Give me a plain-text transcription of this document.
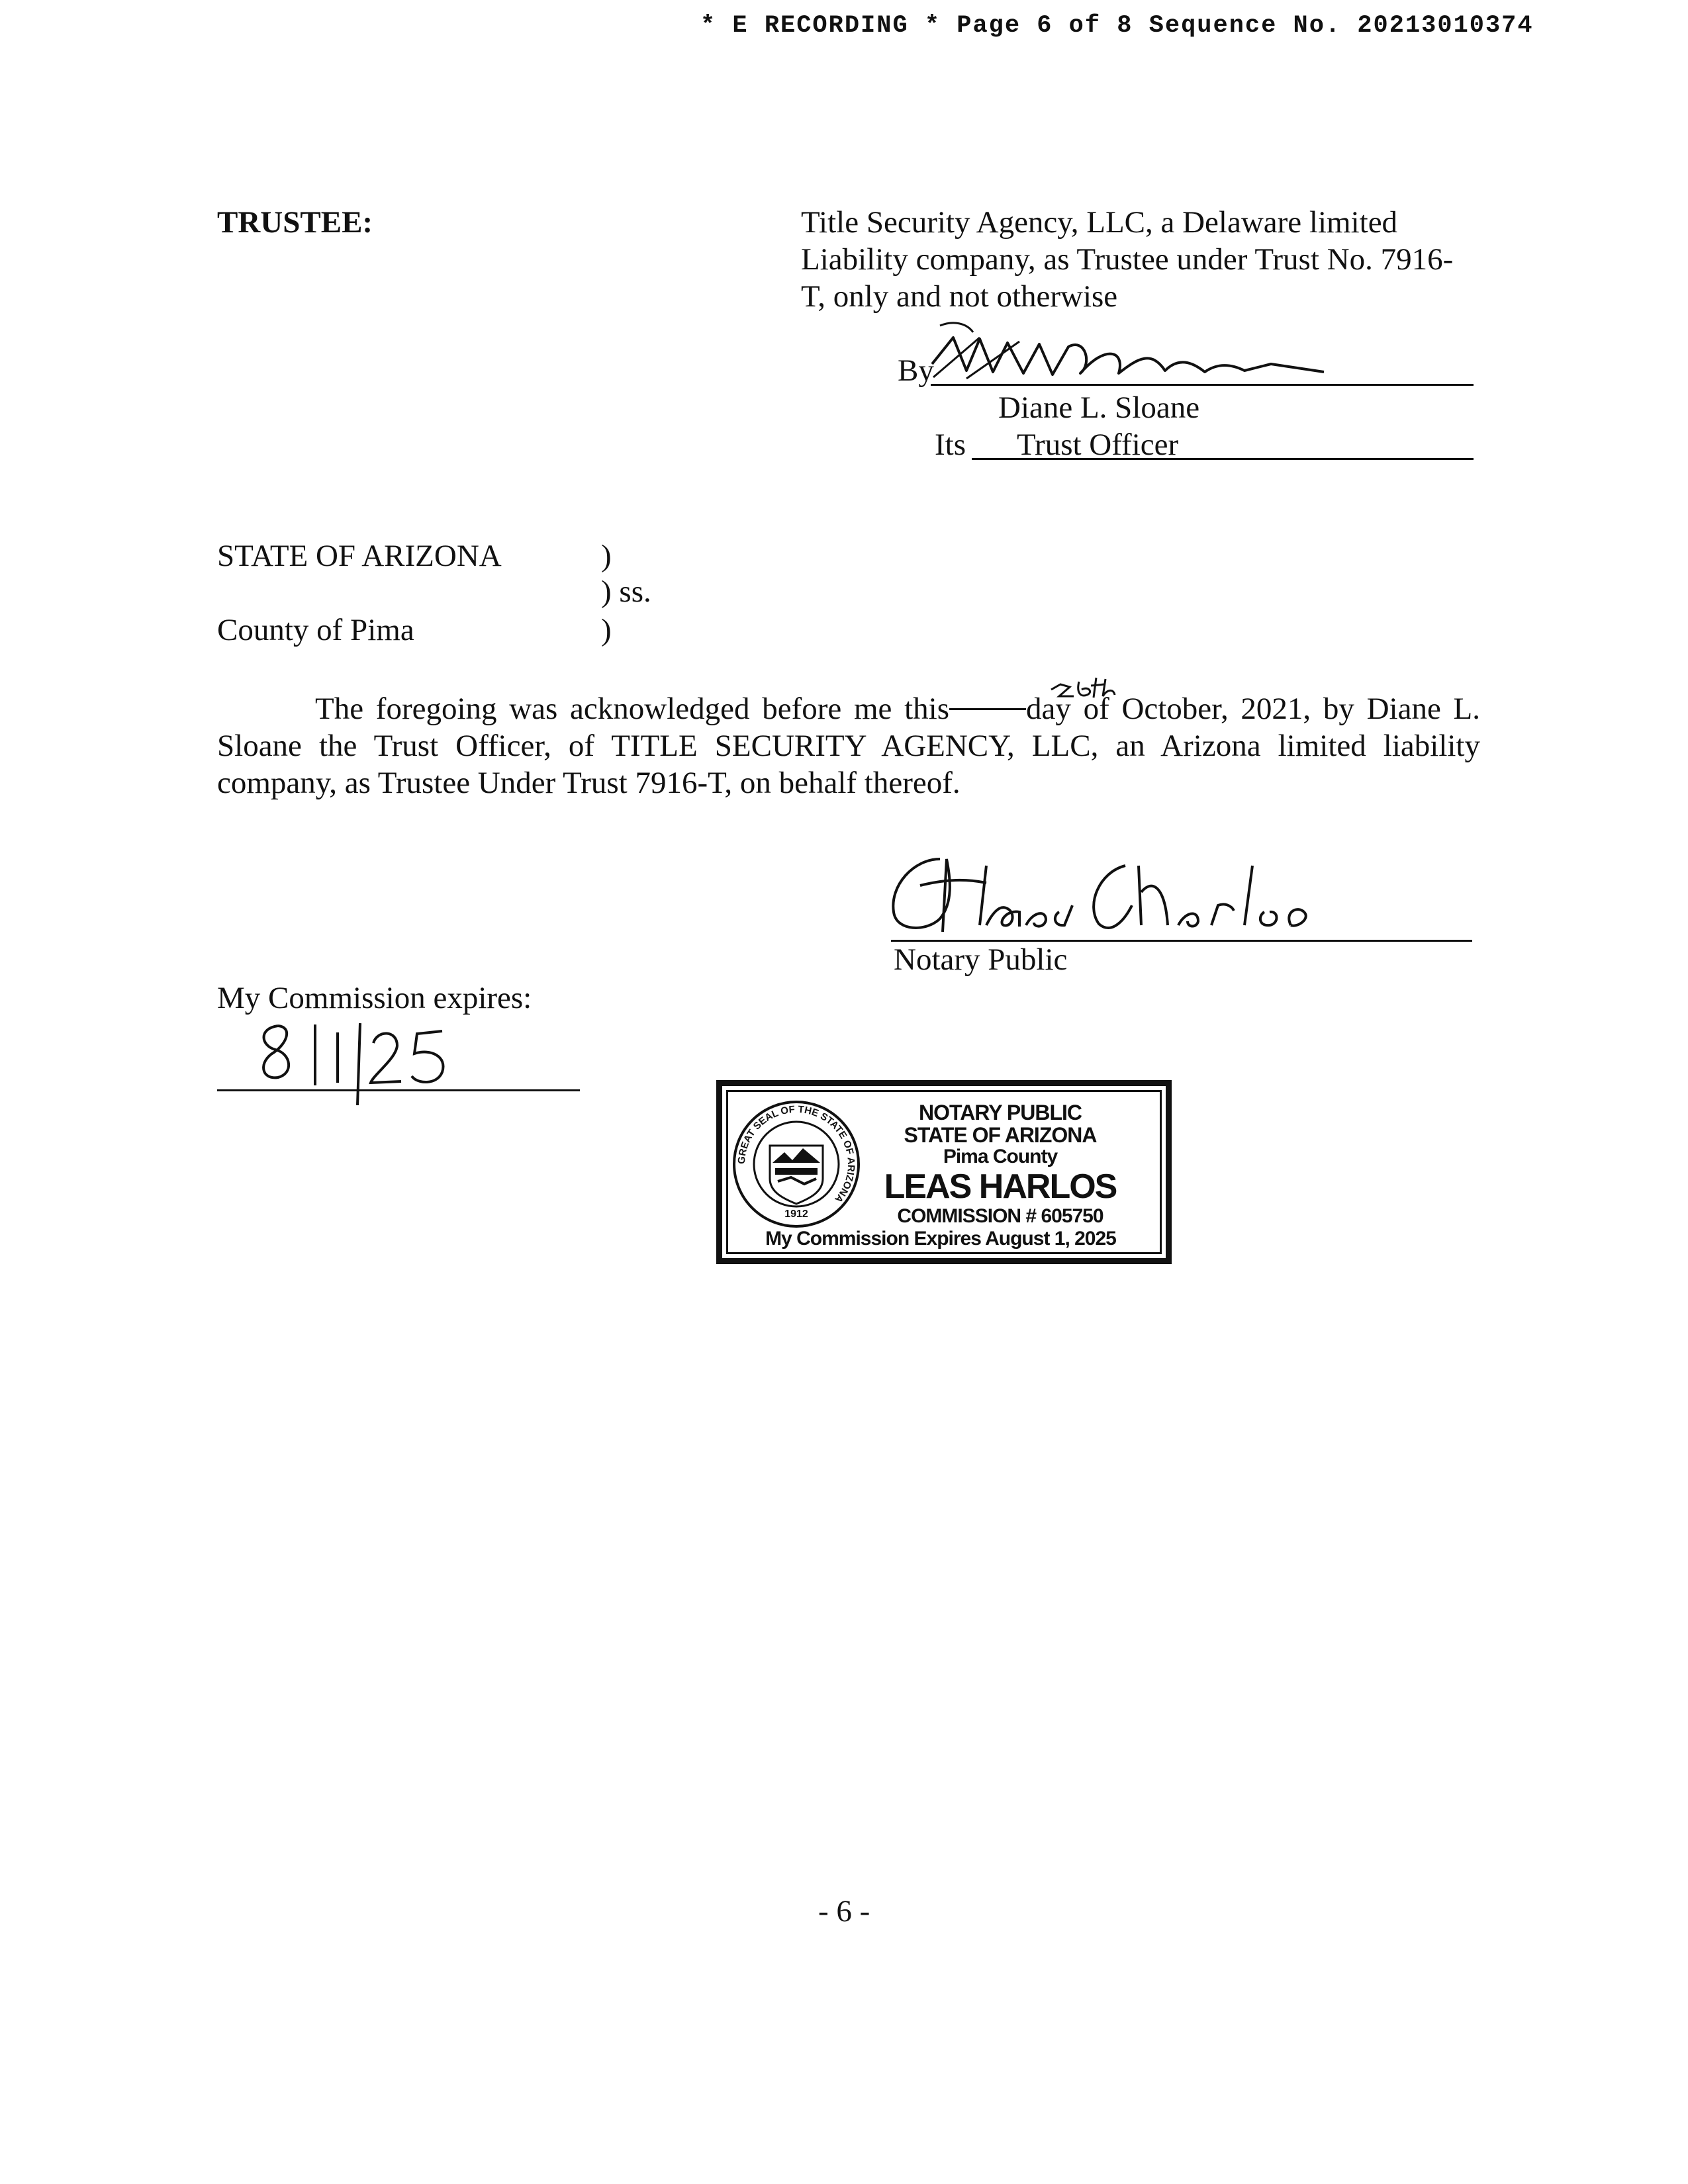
* E RECORDING * Page 6 of 8 Sequence No. 20213010374
TRUSTEE:	Title Security Agency, LLC, a Delaware limited
Liability company, as Trustee under Trust No. 7916-
T, only and not otherwise
By
Diane L. Sloane
Its Trust Officer
STATE OF ARIZONA	)
) ss.
)
County of Pima
The foregoing was acknowledged before me this day of October, 2021, by Diane L. Sloane the Trust Officer, of TITLE SECURITY AGENCY, LLC, an Arizona limited liability company, as Trustee Under Trust 7916-T, on behalf thereof.
Notary Public
My Commission expires:
GREAT SEAL OF THE STATE OF ARIZONA
1912
NOTARY PUBLIC
STATE OF ARIZONA
Pima County
LEAS HARLOS
COMMISSION # 605750
My Commission Expires August 1, 2025
- 6 -
